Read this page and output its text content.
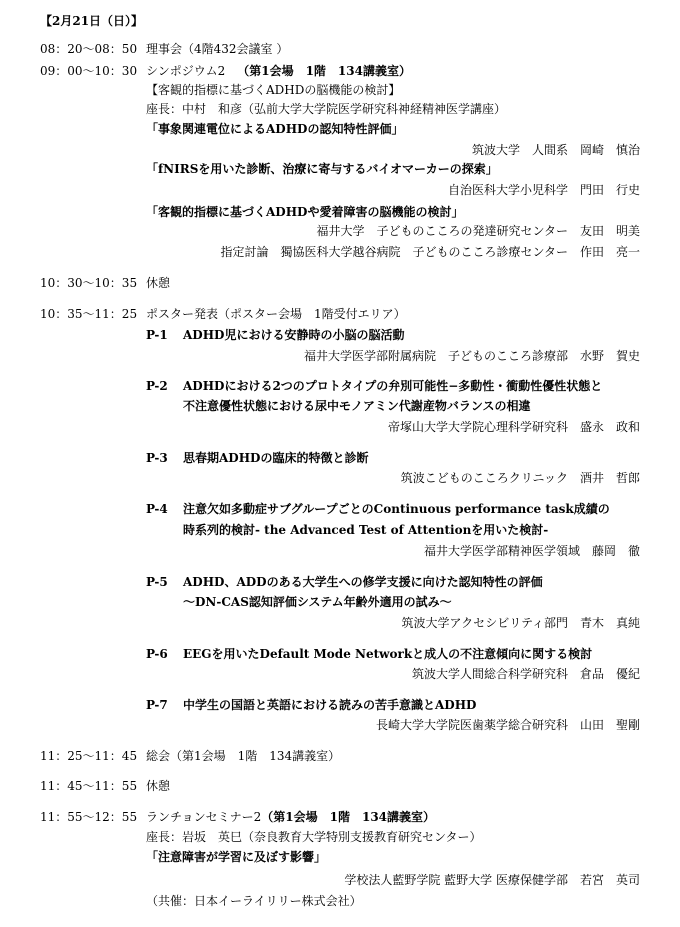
【2月21日（日）】
08：20〜08：50 理事会（4階432会議室 ）
09：00〜10：30 シンポジウム2 （第1会場　1階　134講義室）
【客観的指標に基づくADHDの脳機能の検討】
座長：中村　和彦（弘前大学大学院医学研究科神経精神医学講座）
「事象関連電位によるADHDの認知特性評価」
筑波大学　人間系　岡崎　慎治
「fNIRSを用いた診断、治療に寄与するバイオマーカーの探索」
自治医科大学小児科学　門田　行史
「客観的指標に基づくADHDや愛着障害の脳機能の検討」
福井大学　子どものこころの発達研究センター　友田　明美
指定討論　獨協医科大学越谷病院　子どものこころ診療センター　作田　亮一
10：30〜10：35 休憩
10：35〜11：25 ポスター発表（ポスター会場　1階受付エリア）
P-1 ADHD児における安静時の小脳の脳活動
福井大学医学部附属病院　子どものこころ診療部　水野　賀史
P-2 ADHDにおける2つのプロトタイプの弁別可能性−多動性・衝動性優性状態と
不注意優性状態における尿中モノアミン代謝産物バランスの相違
帝塚山大学大学院心理科学研究科　盛永　政和
P-3 思春期ADHDの臨床的特徴と診断
筑波こどものこころクリニック　酒井　哲郎
P-4 注意欠如多動症サブグループごとのContinuous performance task成績の
時系列的検討- the Advanced Test of Attentionを用いた検討-
福井大学医学部精神医学領域　藤岡　徹
P-5 ADHD、ADDのある大学生への修学支援に向けた認知特性の評価
〜DN-CAS認知評価システム年齢外適用の試み〜
筑波大学アクセシビリティ部門　青木　真純
P-6 EEGを用いたDefault Mode Networkと成人の不注意傾向に関する検討
筑波大学人間総合科学研究科　倉品　優紀
P-7 中学生の国語と英語における読みの苦手意識とADHD
長崎大学大学院医歯薬学総合研究科　山田　聖剛
11：25〜11：45 総会（第1会場　1階　134講義室）
11：45〜11：55 休憩
11：55〜12：55 ランチョンセミナー2（第1会場　1階　134講義室）
座長：岩坂　英巳（奈良教育大学特別支援教育研究センター）
「注意障害が学習に及ぼす影響」
学校法人藍野学院 藍野大学 医療保健学部　若宮　英司
（共催：日本イーライリリー株式会社）
